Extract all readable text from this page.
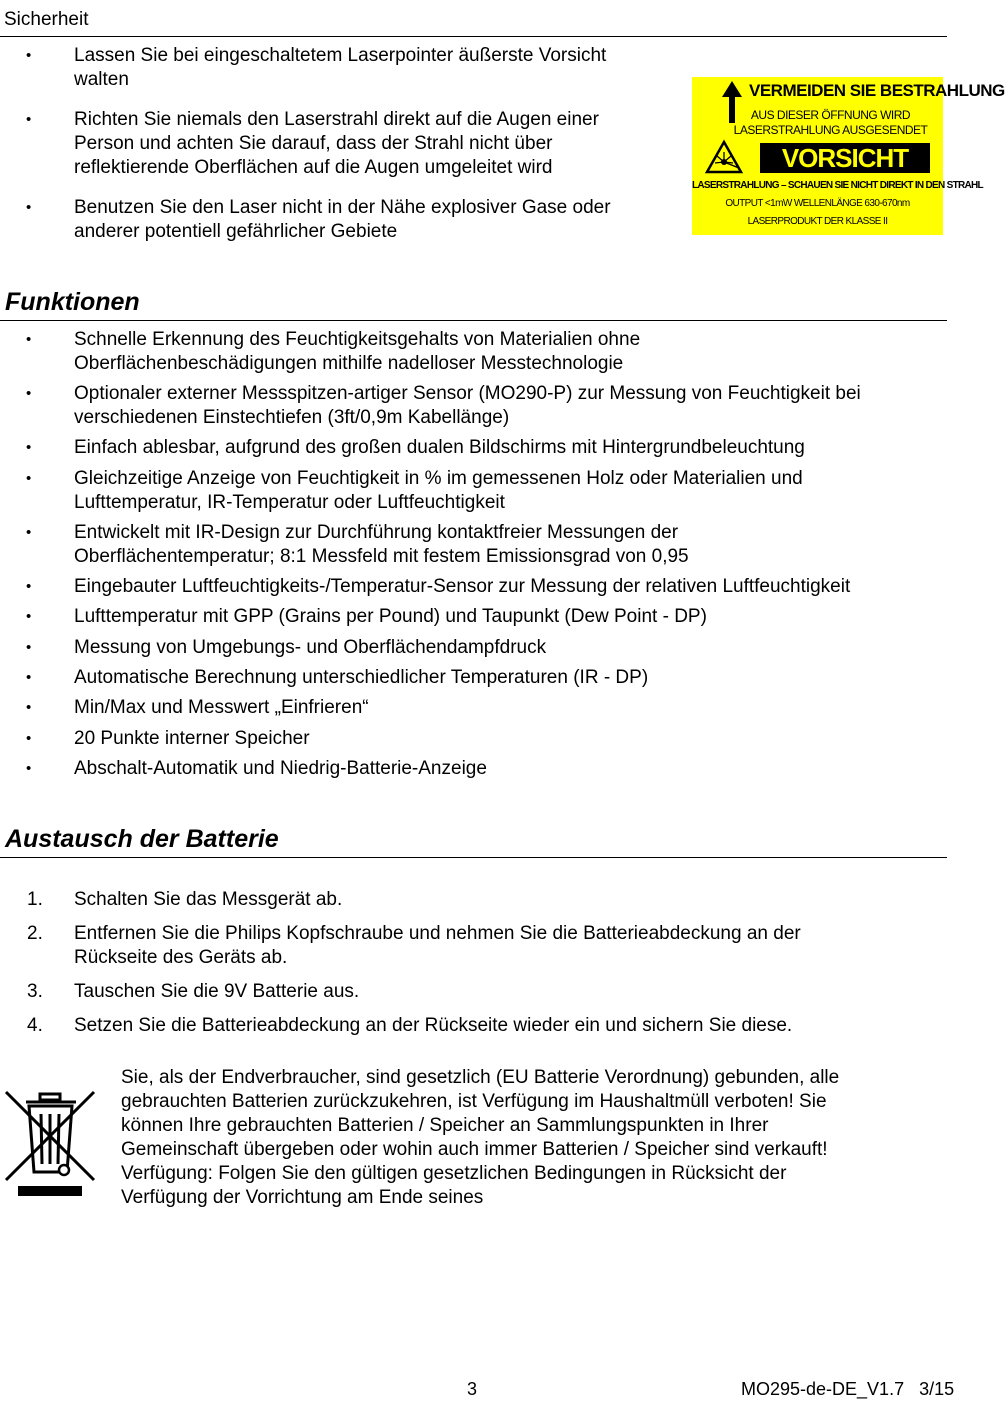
Sicherheit
• Lassen Sie bei eingeschaltetem Laserpointer äußerste Vorsicht
walten
• Richten Sie niemals den Laserstrahl direkt auf die Augen einer
Person und achten Sie darauf, dass der Strahl nicht über
reflektierende Oberflächen auf die Augen umgeleitet wird
• Benutzen Sie den Laser nicht in der Nähe explosiver Gase oder
anderer potentiell gefährlicher Gebiete
VERMEIDEN SIE BESTRAHLUNG
AUS DIESER ÖFFNUNG WIRD
LASERSTRAHLUNG AUSGESENDET
VORSICHT
LASERSTRAHLUNG – SCHAUEN SIE NICHT DIREKT IN DEN STRAHL
OUTPUT <1mW WELLENLÄNGE 630-670nm
LASERPRODUKT DER KLASSE II
Funktionen
• Schnelle Erkennung des Feuchtigkeitsgehalts von Materialien ohne
Oberflächenbeschädigungen mithilfe nadelloser Messtechnologie
• Optionaler externer Messspitzen-artiger Sensor (MO290-P) zur Messung von Feuchtigkeit bei
verschiedenen Einstechtiefen (3ft/0,9m Kabellänge)
• Einfach ablesbar, aufgrund des großen dualen Bildschirms mit Hintergrundbeleuchtung
• Gleichzeitige Anzeige von Feuchtigkeit in % im gemessenen Holz oder Materialien und
Lufttemperatur, IR-Temperatur oder Luftfeuchtigkeit
• Entwickelt mit IR-Design zur Durchführung kontaktfreier Messungen der
Oberflächentemperatur; 8:1 Messfeld mit festem Emissionsgrad von 0,95
• Eingebauter Luftfeuchtigkeits-/Temperatur-Sensor zur Messung der relativen Luftfeuchtigkeit
• Lufttemperatur mit GPP (Grains per Pound) und Taupunkt (Dew Point - DP)
• Messung von Umgebungs- und Oberflächendampfdruck
• Automatische Berechnung unterschiedlicher Temperaturen (IR - DP)
• Min/Max und Messwert „Einfrieren“
• 20 Punkte interner Speicher
• Abschalt-Automatik und Niedrig-Batterie-Anzeige
Austausch der Batterie
1. Schalten Sie das Messgerät ab.
2. Entfernen Sie die Philips Kopfschraube und nehmen Sie die Batterieabdeckung an der
Rückseite des Geräts ab.
3. Tauschen Sie die 9V Batterie aus.
4. Setzen Sie die Batterieabdeckung an der Rückseite wieder ein und sichern Sie diese.
Sie, als der Endverbraucher, sind gesetzlich (EU Batterie Verordnung) gebunden, alle
gebrauchten Batterien zurückzukehren, ist Verfügung im Haushaltmüll verboten! Sie
können Ihre gebrauchten Batterien / Speicher an Sammlungspunkten in Ihrer
Gemeinschaft übergeben oder wohin auch immer Batterien / Speicher sind verkauft!
Verfügung: Folgen Sie den gültigen gesetzlichen Bedingungen in Rücksicht der
Verfügung der Vorrichtung am Ende seines
3	MO295-de-DE_V1.7   3/15
